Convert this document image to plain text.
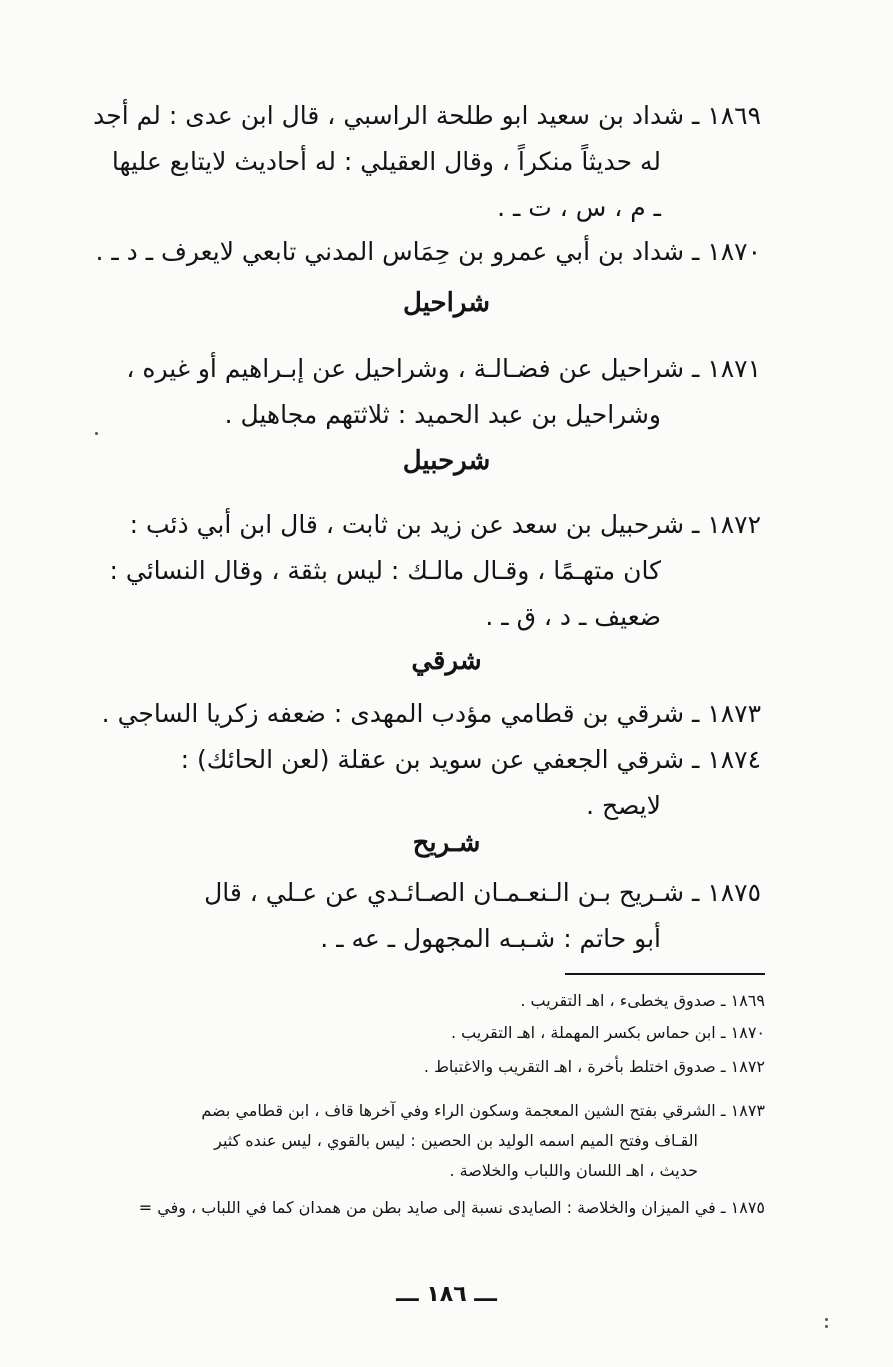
١٨٦٩ ـ شداد بن سعيد ابو طلحة الراسبي ، قال ابن عدى : لم أجد
له حديثاً منكراً ، وقال العقيلي : له أحاديث لايتابع عليها
ـ م ، س ، ت ـ .
١٨٧٠ ـ شداد بن أبي عمرو بن حِمَاس المدني تابعي لايعرف ـ د ـ .
شراحيل
١٨٧١ ـ شراحيل عن فضـالـة ، وشراحيل عن إبـراهيم أو غيره ،
وشراحيل بن عبد الحميد : ثلاثتهم مجاهيل .
شرحبيل
١٨٧٢ ـ شرحبيل بن سعد عن زيد بن ثابت ، قال ابن أبي ذئب :
كان متهـمًا ، وقـال مالـك : ليس بثقة ، وقال النسائي :
ضعيف ـ د ، ق ـ .
شرقي
١٨٧٣ ـ شرقي بن قطامي مؤدب المهدى : ضعفه زكريا الساجي .
١٨٧٤ ـ شرقي الجعفي عن سويد بن عقلة (لعن الحائك) :
لايصح .
شـريح
١٨٧٥ ـ شـريح بـن الـنعـمـان الصـائـدي عن عـلي ، قال
أبو حاتم : شـبـه المجهول ـ عه ـ .
١٨٦٩ ـ صدوق يخطىء ، اهـ التقريب .
١٨٧٠ ـ ابن حماس بكسر المهملة ، اهـ التقريب .
١٨٧٢ ـ صدوق اختلط بأخرة ، اهـ التقريب والاغتباط .
١٨٧٣ ـ الشرقي بفتح الشين المعجمة وسكون الراء وفي آخرها قاف ، ابن قطامي بضم
القـاف وفتح الميم اسمه الوليد بن الحصين : ليس بالقوي ، ليس عنده كثير
حديث ، اهـ اللسان واللباب والخلاصة .
١٨٧٥ ـ في الميزان والخلاصة : الصايدى نسبة إلى صايد بطن من همدان كما في اللباب ، وفي =
ـــ ١٨٦ ـــ
